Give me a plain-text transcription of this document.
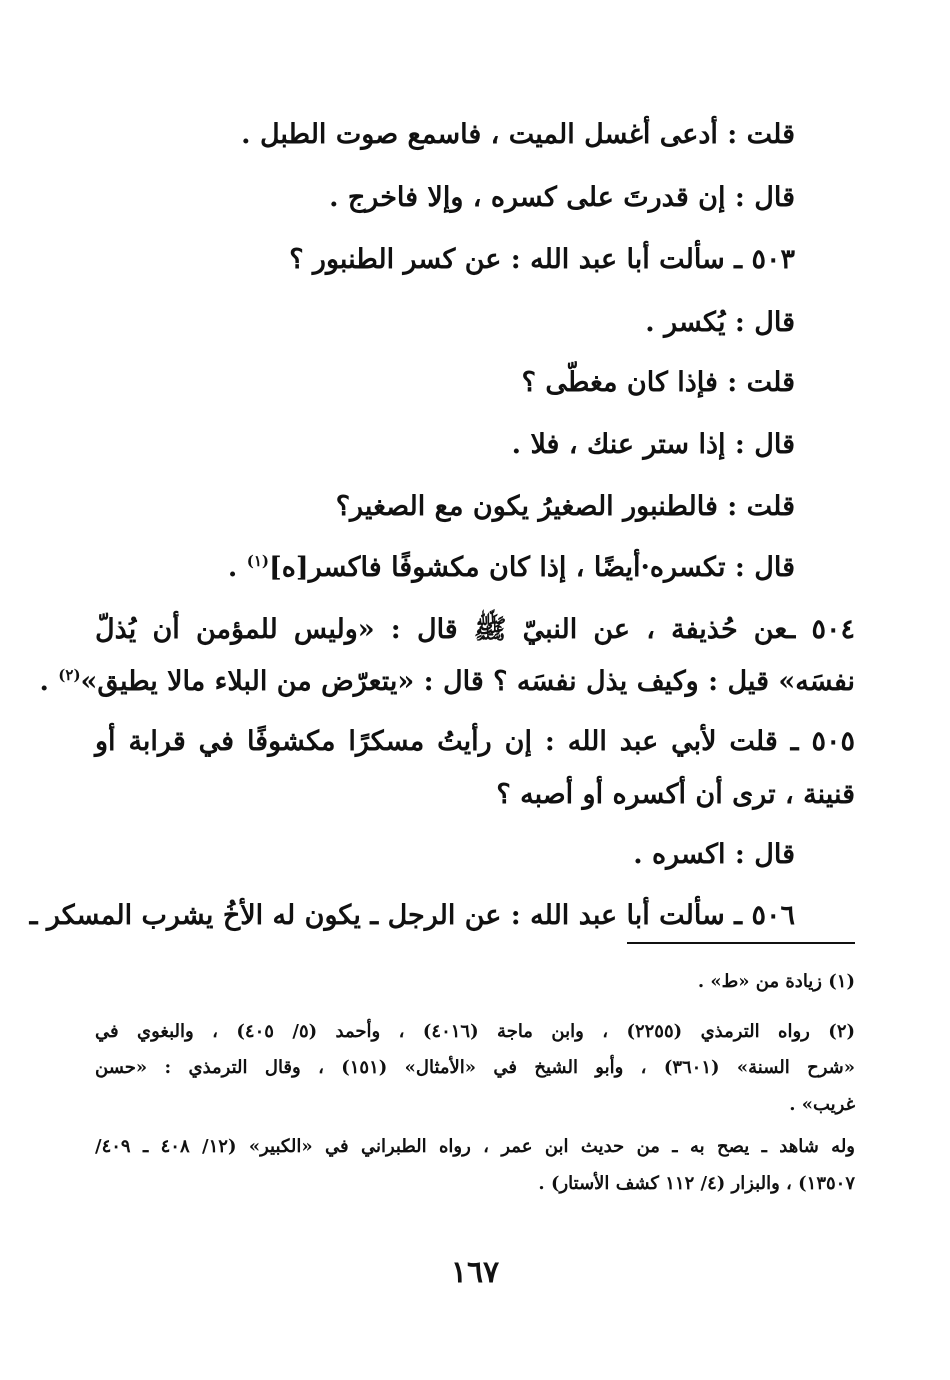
قلت : أدعى أغسل الميت ، فاسمع صوت الطبل .
قال : إن قدرتَ على كسره ، وإلا فاخرج .
٥٠٣ ـ سألت أبا عبد الله : عن كسر الطنبور ؟
قال : يُكسر .
قلت : فإذا كان مغطّى ؟
قال : إذا ستر عنك ، فلا .
قلت : فالطنبور الصغيرُ يكون مع الصغير؟
قال : تكسره·أيضًا ، إذا كان مكشوفًا فاكسر[ه]$^{(١)}$ .
٥٠٤ ـعن حُذيفة ، عن النبيّ ﷺ قال : «وليس للمؤمن أن يُذلّ
نفسَه» قيل : وكيف يذل نفسَه ؟ قال : «يتعرّض من البلاء مالا يطيق»$^{(٢)}$ .
٥٠٥ ـ قلت لأبي عبد الله : إن رأيتُ مسكرًا مكشوفًا في قرابة أو
قنينة ، ترى أن أكسره أو أصبه ؟
قال : اكسره .
٥٠٦ ـ سألت أبا عبد الله : عن الرجل ـ يكون له الأخُ يشرب المسكر ـ
(١) زيادة من «ط» .
(٢) رواه الترمذي (٢٢٥٥) ، وابن ماجة (٤٠١٦) ، وأحمد (٥/ ٤٠٥) ، والبغوي في
«شرح السنة» (٣٦٠١) ، وأبو الشيخ في «الأمثال» (١٥١) ، وقال الترمذي : «حسن
غريب» .
وله شاهد ـ يصح به ـ من حديث ابن عمر ، رواه الطبراني في «الكبير» (١٢/ ٤٠٨ ـ ٤٠٩/
١٣٥٠٧) ، والبزار (٤/ ١١٢ كشف الأستار) .
١٦٧
